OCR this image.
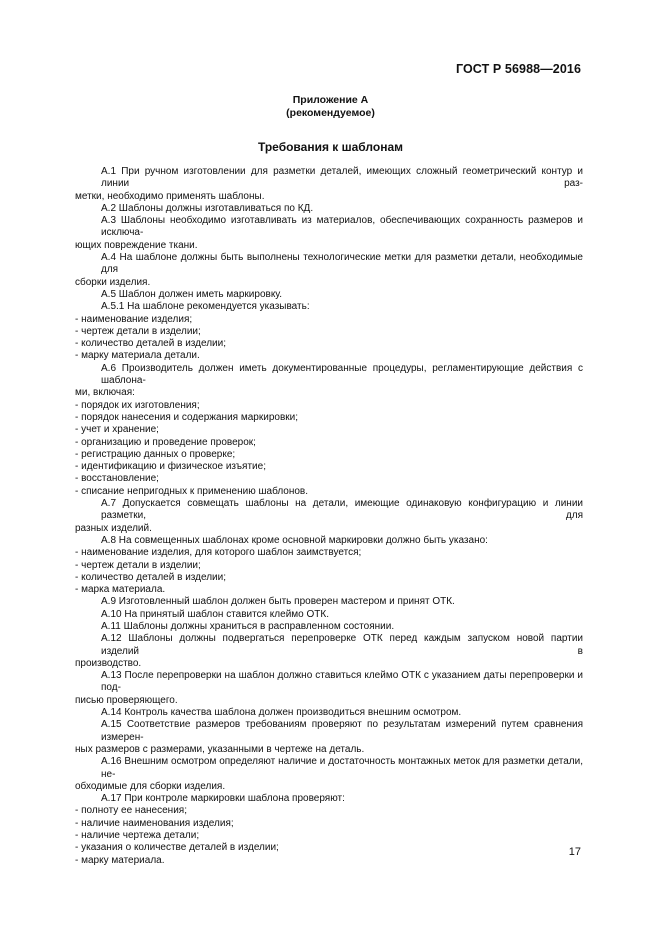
ГОСТ Р 56988—2016
Приложение А
(рекомендуемое)
Требования к шаблонам
А.1 При ручном изготовлении для разметки деталей, имеющих сложный геометрический контур и линии раз-
метки, необходимо применять шаблоны.
А.2 Шаблоны должны изготавливаться по КД.
А.3 Шаблоны необходимо изготавливать из материалов, обеспечивающих сохранность размеров и исключа-
ющих повреждение ткани.
А.4 На шаблоне должны быть выполнены технологические метки для разметки детали, необходимые для
сборки изделия.
А.5 Шаблон должен иметь маркировку.
А.5.1 На шаблоне рекомендуется указывать:
- наименование изделия;
- чертеж детали в изделии;
- количество деталей в изделии;
- марку материала детали.
А.6 Производитель должен иметь документированные процедуры, регламентирующие действия с шаблона-
ми, включая:
- порядок их изготовления;
- порядок нанесения и содержания маркировки;
- учет и хранение;
- организацию и проведение проверок;
- регистрацию данных о проверке;
- идентификацию и физическое изъятие;
- восстановление;
- списание непригодных к применению шаблонов.
А.7 Допускается совмещать шаблоны на детали, имеющие одинаковую конфигурацию и линии разметки, для
разных изделий.
А.8 На совмещенных шаблонах кроме основной маркировки должно быть указано:
- наименование изделия, для которого шаблон заимствуется;
- чертеж детали в изделии;
- количество деталей в изделии;
- марка материала.
А.9 Изготовленный шаблон должен быть проверен мастером и принят ОТК.
А.10 На принятый шаблон ставится клеймо ОТК.
А.11 Шаблоны должны храниться в расправленном состоянии.
А.12 Шаблоны должны подвергаться перепроверке ОТК перед каждым запуском новой партии изделий в
производство.
А.13 После перепроверки на шаблон должно ставиться клеймо ОТК с указанием даты перепроверки и под-
писью проверяющего.
А.14 Контроль качества шаблона должен производиться внешним осмотром.
А.15 Соответствие размеров требованиям проверяют по результатам измерений путем сравнения измерен-
ных размеров с размерами, указанными в чертеже на деталь.
А.16 Внешним осмотром определяют наличие и достаточность монтажных меток для разметки детали, не-
обходимые для сборки изделия.
А.17 При контроле маркировки шаблона проверяют:
- полноту ее нанесения;
- наличие наименования изделия;
- наличие чертежа детали;
- указания о количестве деталей в изделии;
- марку материала.
17
